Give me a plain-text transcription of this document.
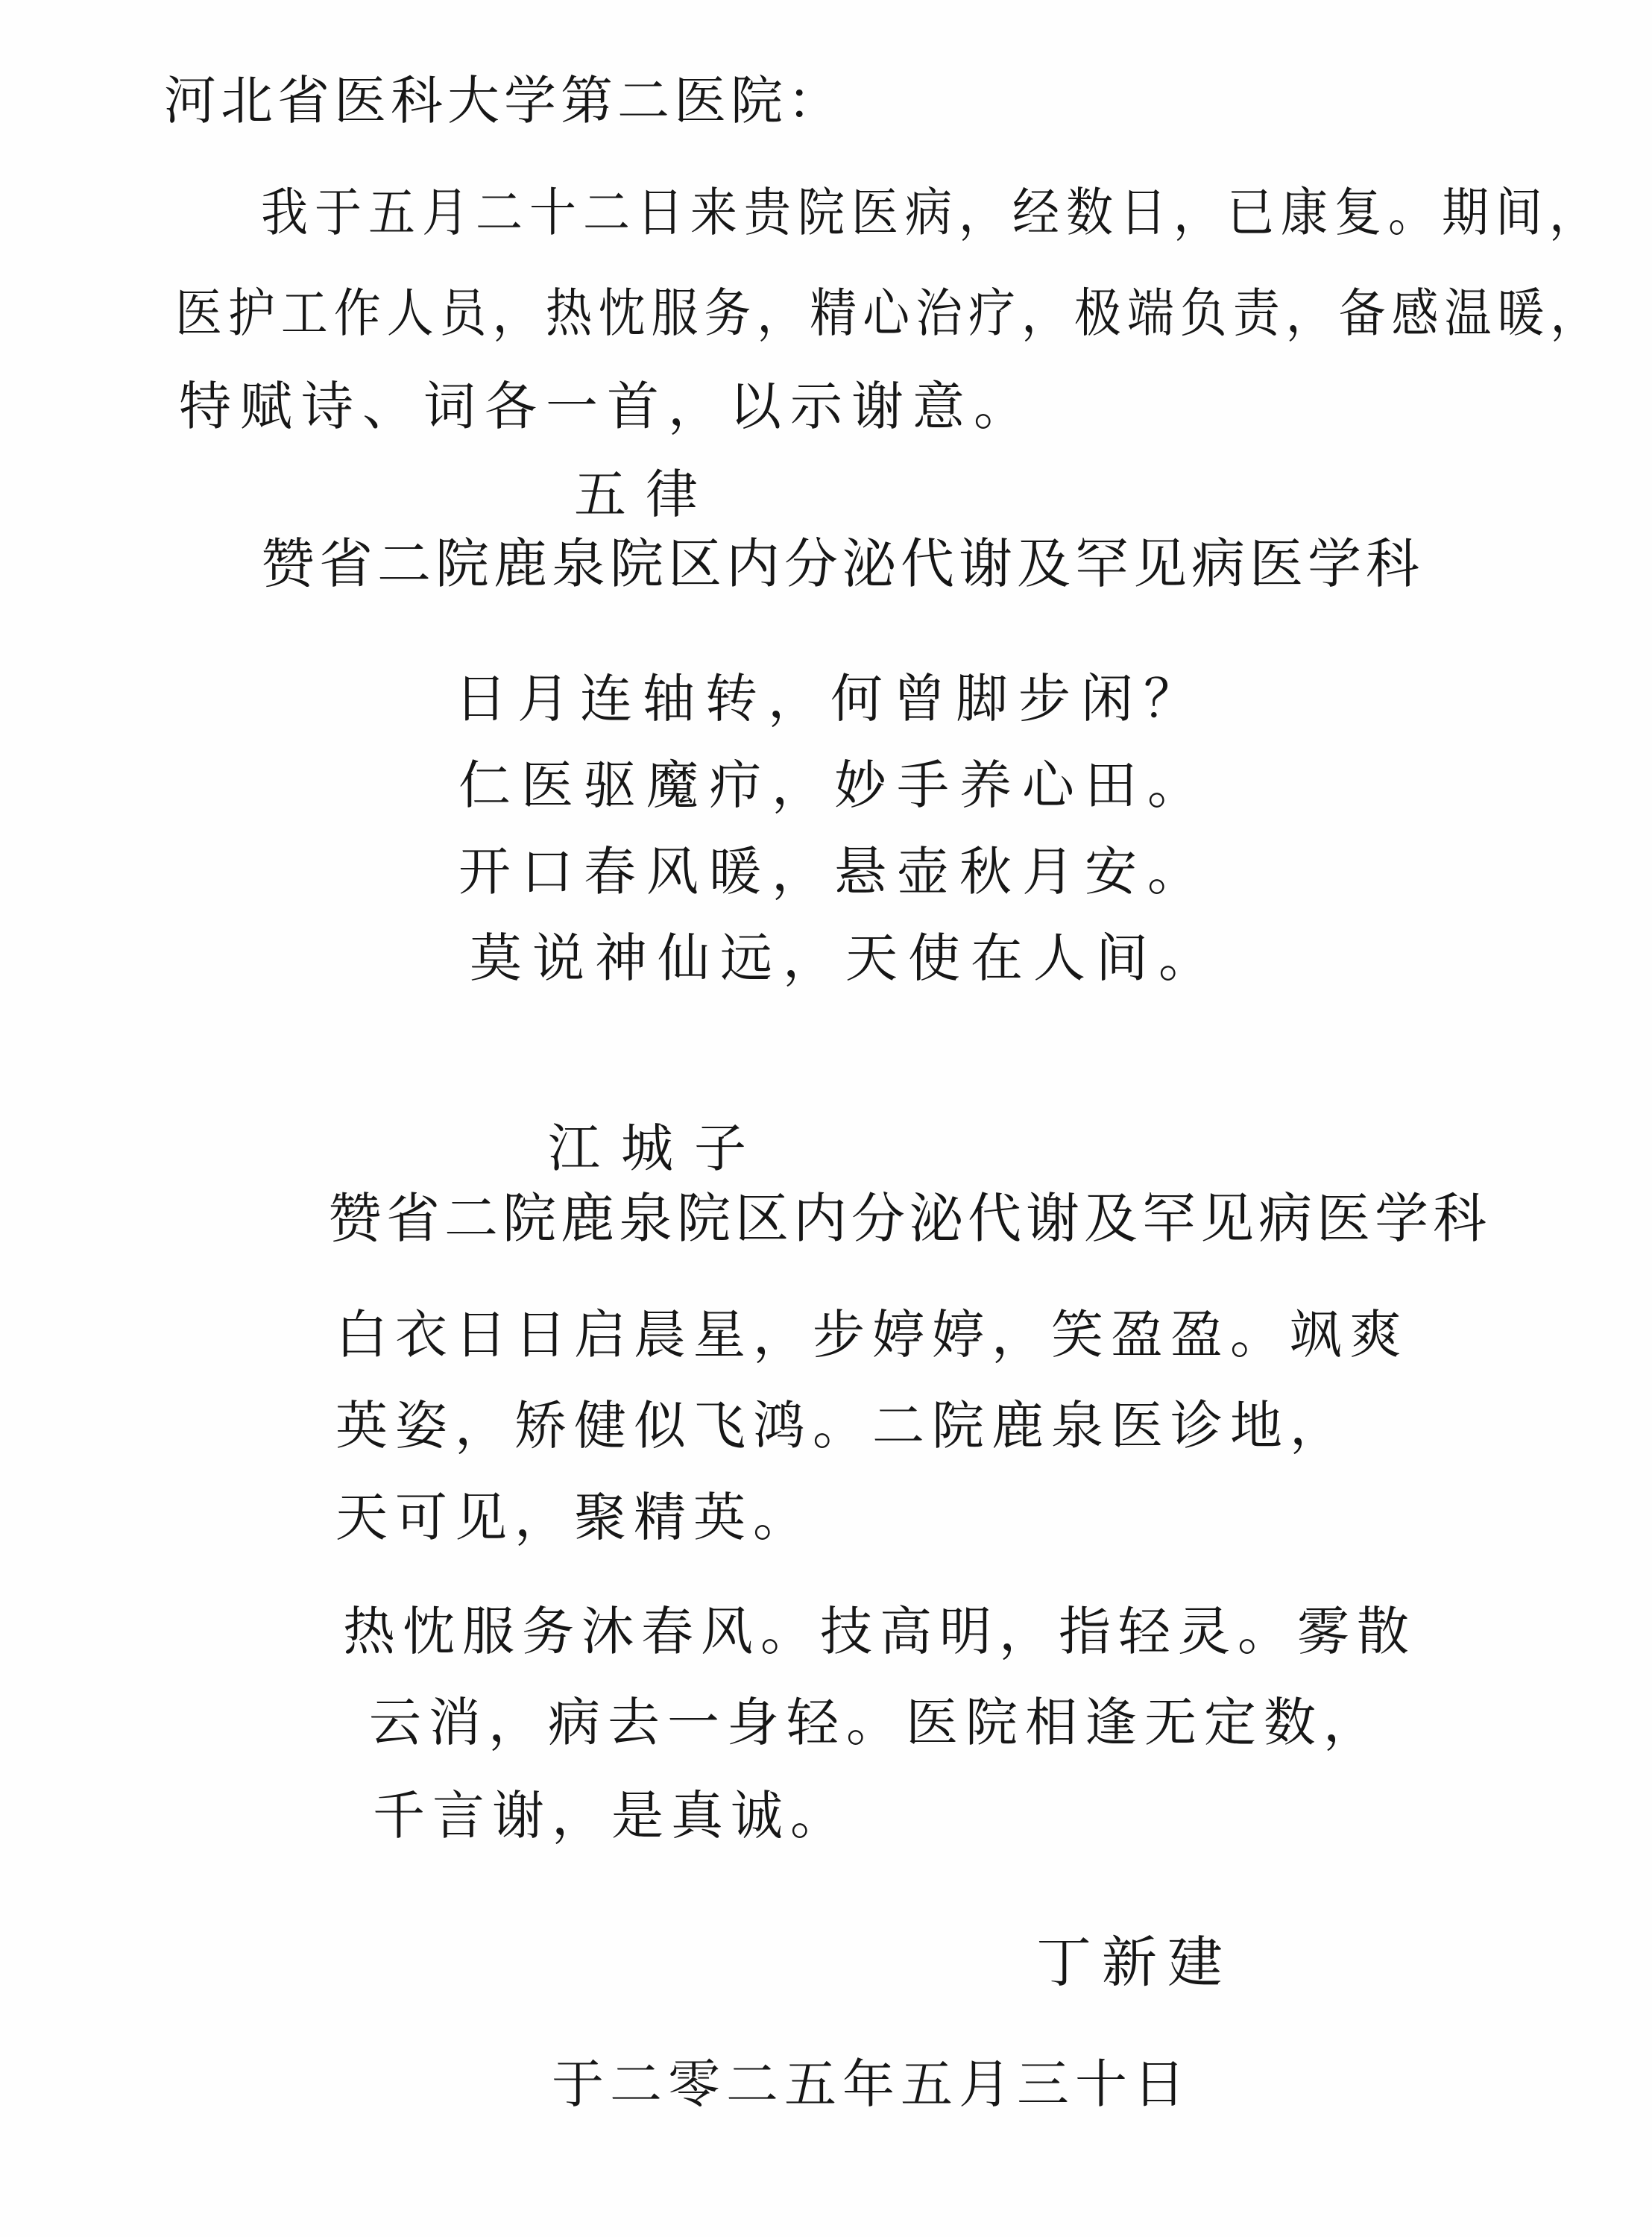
河北省医科大学第二医院：
我于五月二十二日来贵院医病，经数日，已康复。期间，
医护工作人员，热忱服务，精心治疗，极端负责，备感温暖，
特赋诗、词各一首，以示谢意。
五律
赞省二院鹿泉院区内分泌代谢及罕见病医学科
日月连轴转，何曾脚步闲？
仁医驱魔疖，妙手养心田。
开口春风暖，悬壶秋月安。
莫说神仙远，天使在人间。
江城子
赞省二院鹿泉院区内分泌代谢及罕见病医学科
白衣日日启晨星，步婷婷，笑盈盈。飒爽
英姿，矫健似飞鸿。二院鹿泉医诊地，
天可见，聚精英。
热忱服务沐春风。技高明，指轻灵。雾散
云消，病去一身轻。医院相逢无定数，
千言谢，是真诚。
丁新建
于二零二五年五月三十日
